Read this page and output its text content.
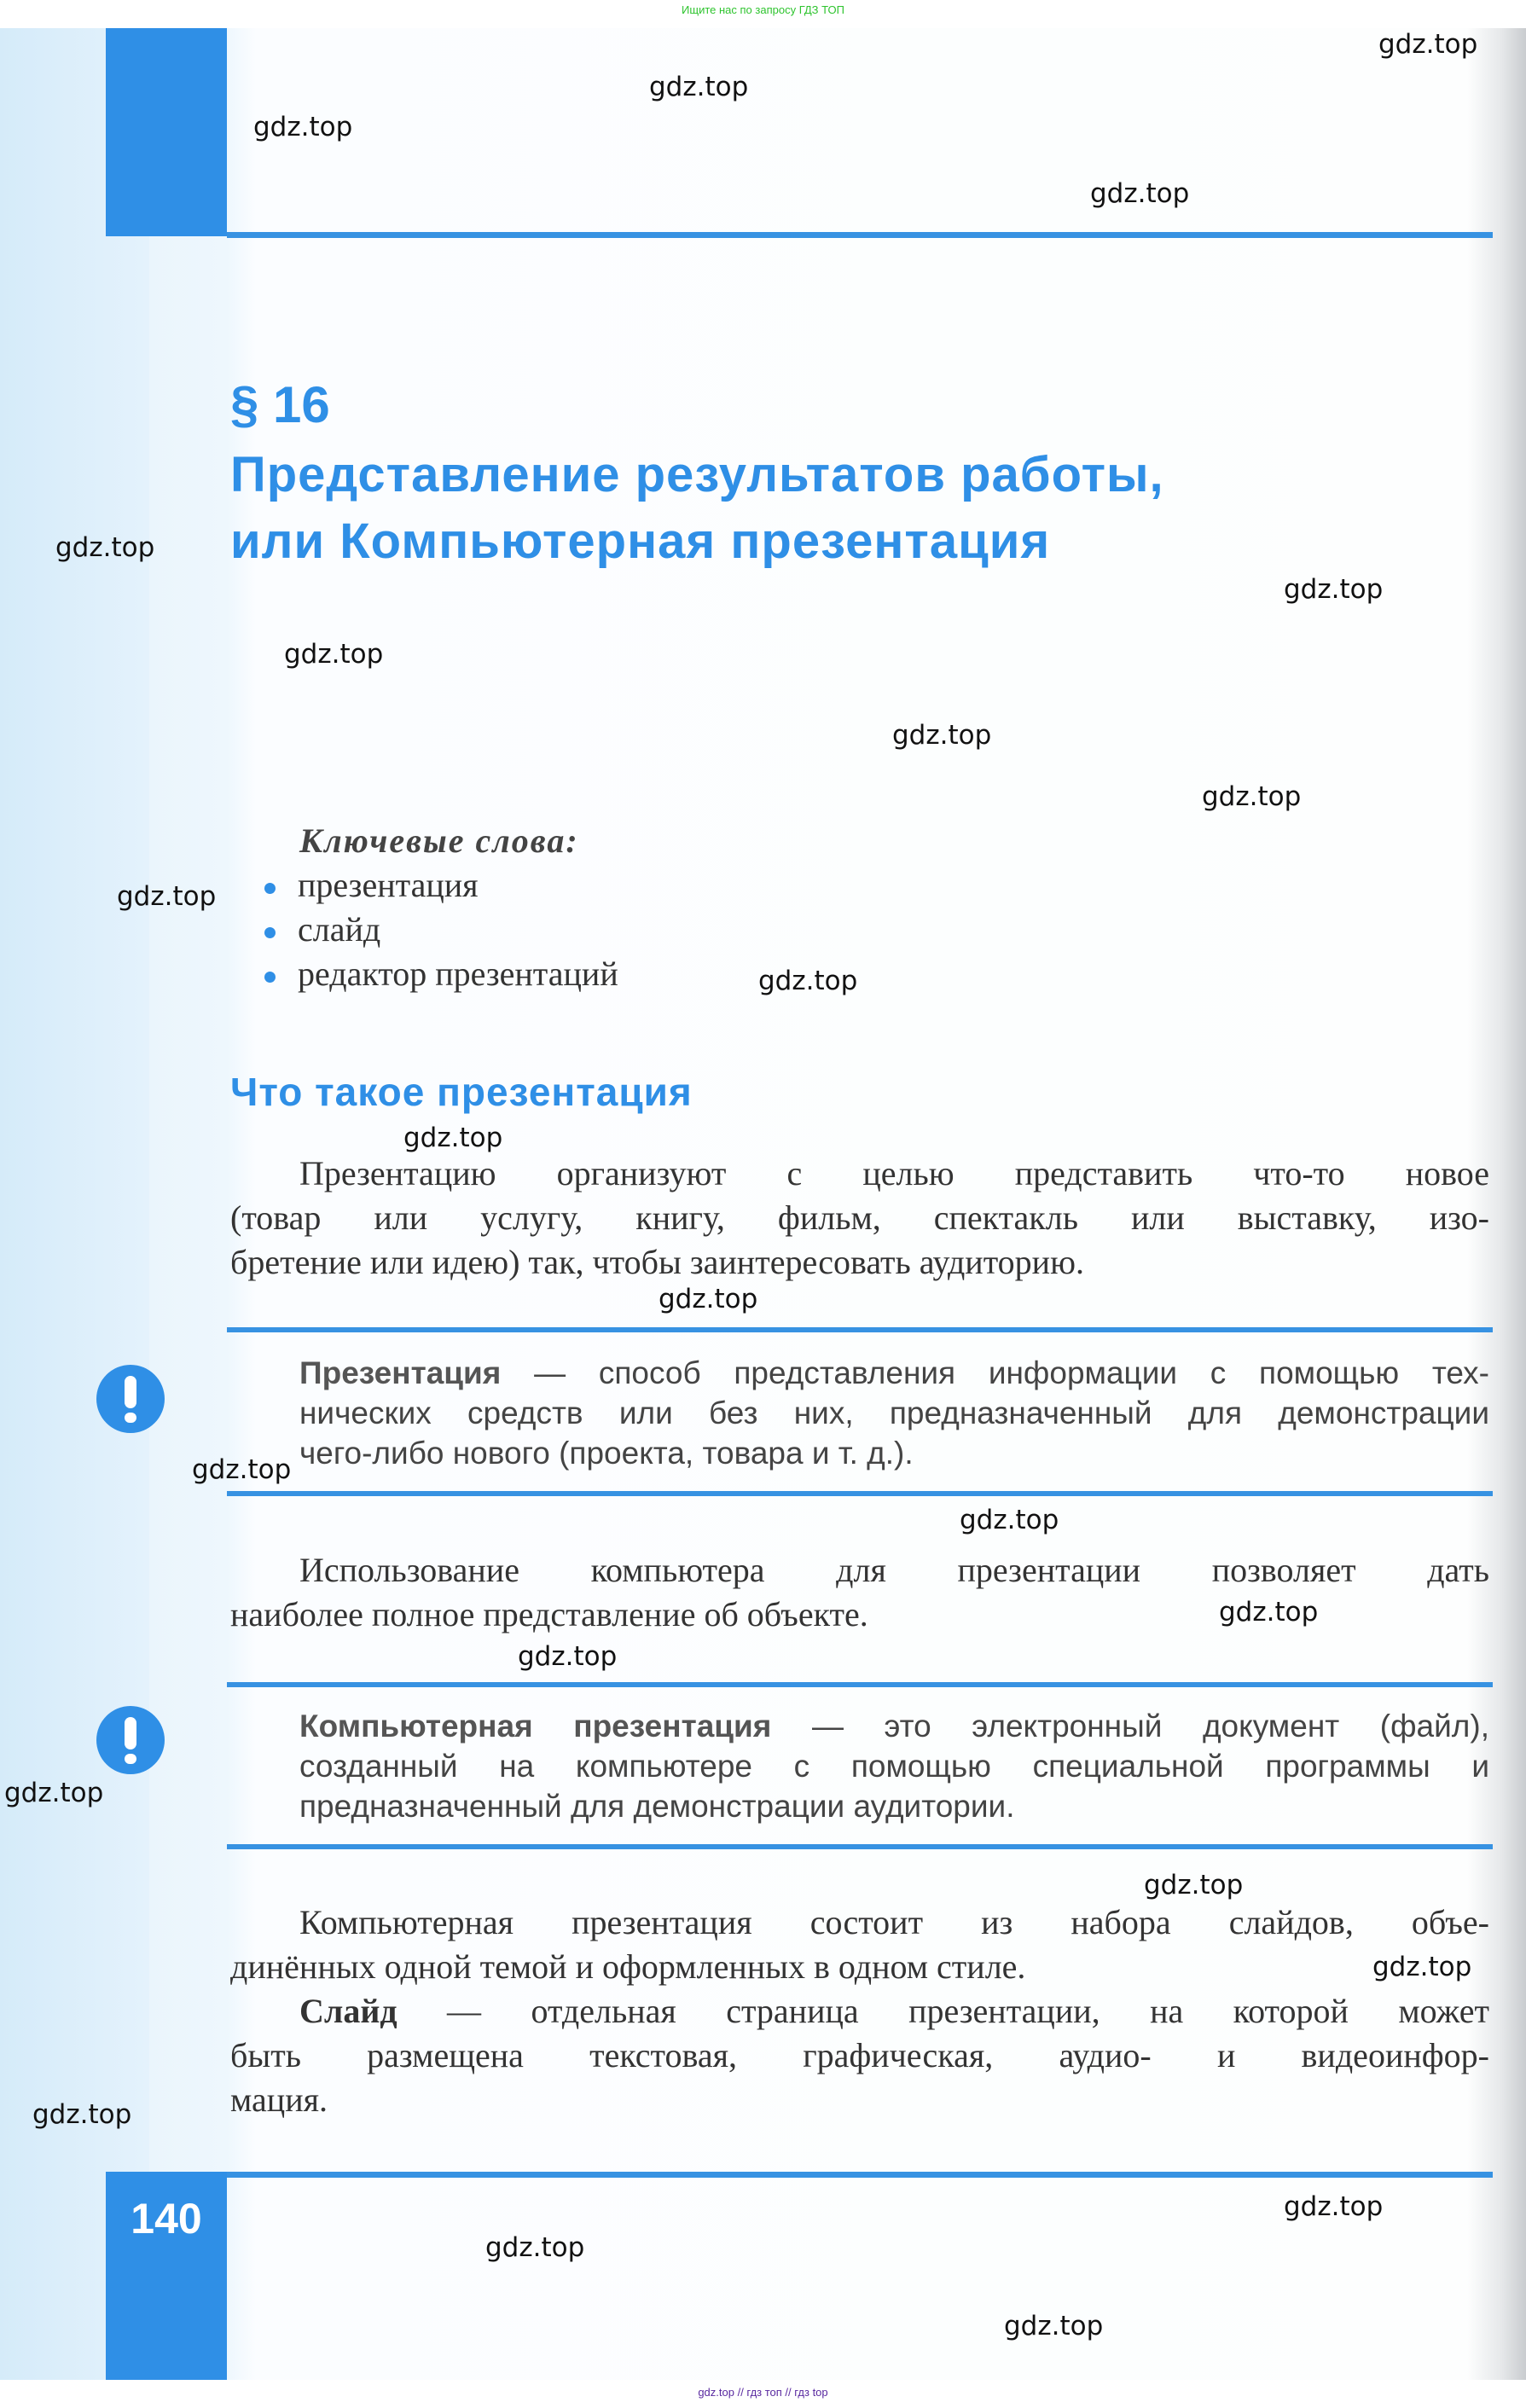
Ищите нас по запросу ГДЗ ТОП
§ 16
Представление результатов работы,
или Компьютерная презентация
Ключевые слова:
презентация
слайд
редактор презентаций
Что такое презентация
Презентацию организуют с целью представить что-то новое
(товар или услугу, книгу, фильм, спектакль или выставку, изо-
бретение или идею) так, чтобы заинтересовать аудиторию.
Презентация — способ представления информации с помощью тех-
нических средств или без них, предназначенный для демонстрации
чего-либо нового (проекта, товара и т. д.).
Использование компьютера для презентации позволяет дать
наиболее полное представление об объекте.
Компьютерная презентация — это электронный документ (файл),
созданный на компьютере с помощью специальной программы и
предназначенный для демонстрации аудитории.
Компьютерная презентация состоит из набора слайдов, объе-
динённых одной темой и оформленных в одном стиле.
Слайд — отдельная страница презентации, на которой может
быть размещена текстовая, графическая, аудио- и видеоинфор-
мация.
140
gdz.top // гдз топ // гдз top
gdz.top
gdz.top
gdz.top
gdz.top
gdz.top
gdz.top
gdz.top
gdz.top
gdz.top
gdz.top
gdz.top
gdz.top
gdz.top
gdz.top
gdz.top
gdz.top
gdz.top
gdz.top
gdz.top
gdz.top
gdz.top
gdz.top
gdz.top
gdz.top
